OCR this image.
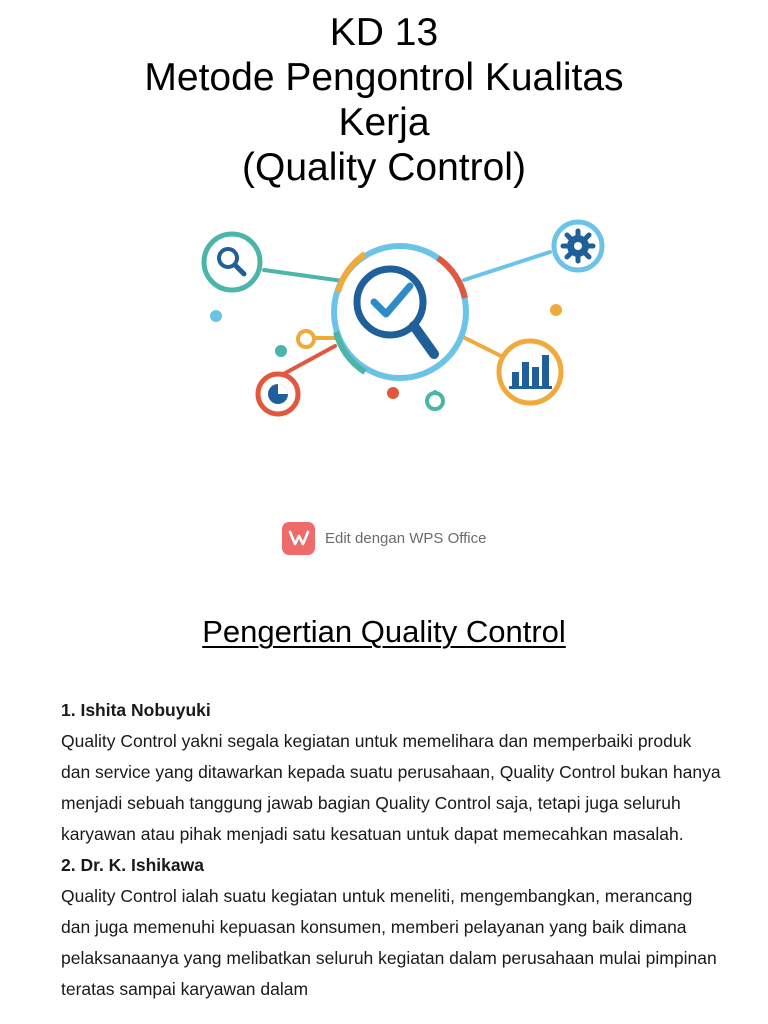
KD 13
Metode Pengontrol Kualitas
Kerja
(Quality Control)
Edit dengan WPS Office
Pengertian Quality Control
1. Ishita Nobuyuki
Quality Control yakni segala kegiatan untuk memelihara dan memperbaiki produk dan service yang ditawarkan kepada suatu perusahaan, Quality Control bukan hanya menjadi sebuah tanggung jawab bagian Quality Control saja, tetapi juga seluruh karyawan atau pihak menjadi satu kesatuan untuk dapat memecahkan masalah.
2. Dr. K. Ishikawa
Quality Control ialah suatu kegiatan untuk meneliti, mengembangkan, merancang dan juga memenuhi kepuasan konsumen, memberi pelayanan yang baik dimana pelaksanaanya yang melibatkan seluruh kegiatan dalam perusahaan mulai pimpinan teratas sampai karyawan dalam
